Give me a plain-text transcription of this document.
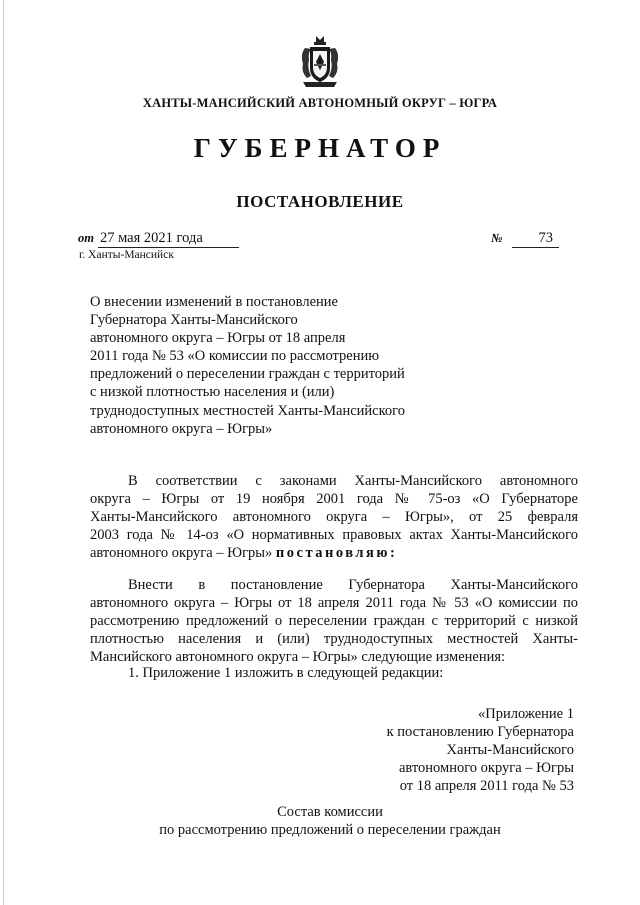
ХАНТЫ-МАНСИЙСКИЙ АВТОНОМНЫЙ ОКРУГ – ЮГРА
ГУБЕРНАТОР
ПОСТАНОВЛЕНИЕ
от 27 мая 2021 года	№ 73
г. Ханты-Мансийск
О внесении изменений в постановление
Губернатора Ханты-Мансийского
автономного округа – Югры от 18 апреля
2011 года № 53 «О комиссии по рассмотрению
предложений о переселении граждан с территорий
с низкой плотностью населения и (или)
труднодоступных местностей Ханты-Мансийского
автономного округа – Югры»
В соответствии с законами Ханты-Мансийского автономного
округа – Югры от 19 ноября 2001 года № 75-оз «О Губернаторе
Ханты-Мансийского автономного округа – Югры», от 25 февраля
2003 года № 14-оз «О нормативных правовых актах Ханты-Мансийского
автономного округа – Югры» постановляю:
Внести в постановление Губернатора Ханты-Мансийского
автономного округа – Югры от 18 апреля 2011 года № 53 «О комиссии по
рассмотрению предложений о переселении граждан с территорий с низкой
плотностью населения и (или) труднодоступных местностей Ханты-
Мансийского автономного округа – Югры» следующие изменения:
1. Приложение 1 изложить в следующей редакции:
«Приложение 1
к постановлению Губернатора
Ханты-Мансийского
автономного округа – Югры
от 18 апреля 2011 года № 53
Состав комиссии
по рассмотрению предложений о переселении граждан
